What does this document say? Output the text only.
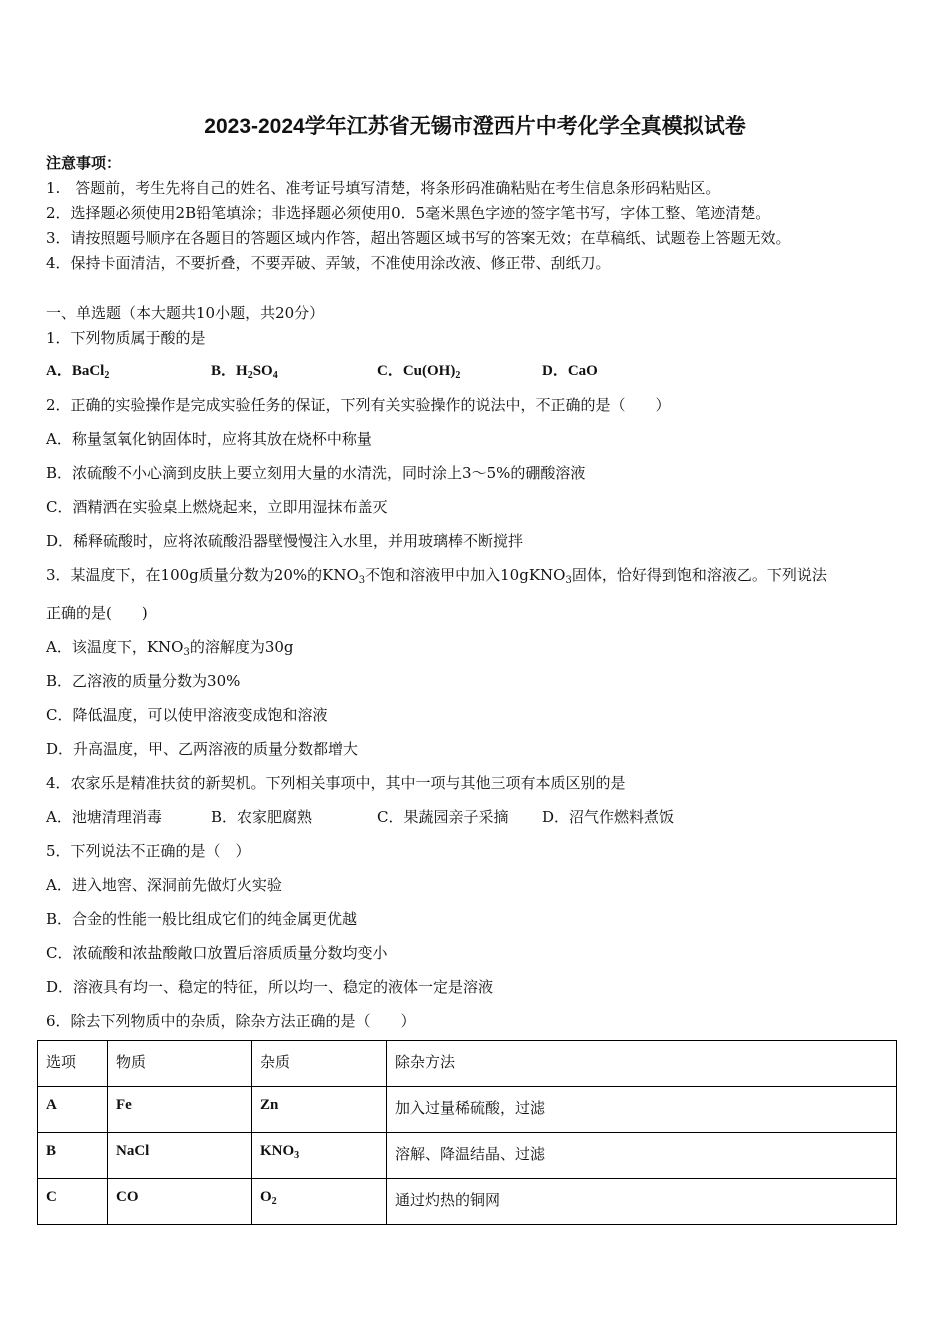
2023-2024学年江苏省无锡市澄西片中考化学全真模拟试卷
注意事项：
1.　答题前，考生先将自己的姓名、准考证号填写清楚，将条形码准确粘贴在考生信息条形码粘贴区。
2．选择题必须使用2B铅笔填涂；非选择题必须使用0．5毫米黑色字迹的签字笔书写，字体工整、笔迹清楚。
3．请按照题号顺序在各题目的答题区域内作答，超出答题区域书写的答案无效；在草稿纸、试题卷上答题无效。
4．保持卡面清洁，不要折叠，不要弄破、弄皱，不准使用涂改液、修正带、刮纸刀。
一、单选题（本大题共10小题，共20分）
1．下列物质属于酸的是
A．BaCl$_2$	B．$H_2SO_4$	C．$Cu(OH)_2$	D．CaO
2．正确的实验操作是完成实验任务的保证，下列有关实验操作的说法中，不正确的是（　　）
A．称量氢氧化钠固体时，应将其放在烧杯中称量
B．浓硫酸不小心滴到皮肤上要立刻用大量的水清洗，同时涂上3～5%的硼酸溶液
C．酒精洒在实验桌上燃烧起来，立即用湿抹布盖灭
D．稀释硫酸时，应将浓硫酸沿器壁慢慢注入水里，并用玻璃棒不断搅拌
3．某温度下，在100g质量分数为20%的$KNO_3$不饱和溶液甲中加入10gKNO$_3$固体，恰好得到饱和溶液乙。下列说法
正确的是(　　)
A．该温度下，$KNO_3$的溶解度为30g
B．乙溶液的质量分数为30%
C．降低温度，可以使甲溶液变成饱和溶液
D．升高温度，甲、乙两溶液的质量分数都增大
4．农家乐是精准扶贫的新契机。下列相关事项中，其中一项与其他三项有本质区别的是
A．池塘清理消毒	B．农家肥腐熟	C．果蔬园亲子采摘 D．沼气作燃料煮饭
5．下列说法不正确的是（　）
A．进入地窖、深洞前先做灯火实验
B．合金的性能一般比组成它们的纯金属更优越
C．浓硫酸和浓盐酸敞口放置后溶质质量分数均变小
D．溶液具有均一、稳定的特征，所以均一、稳定的液体一定是溶液
6．除去下列物质中的杂质，除杂方法正确的是（　　）
选项	物质	杂质	除杂方法
A	Fe	Zn	加入过量稀硫酸，过滤
B	NaCl	$KNO_3$	溶解、降温结晶、过滤
C	CO	$O_2$	通过灼热的铜网
